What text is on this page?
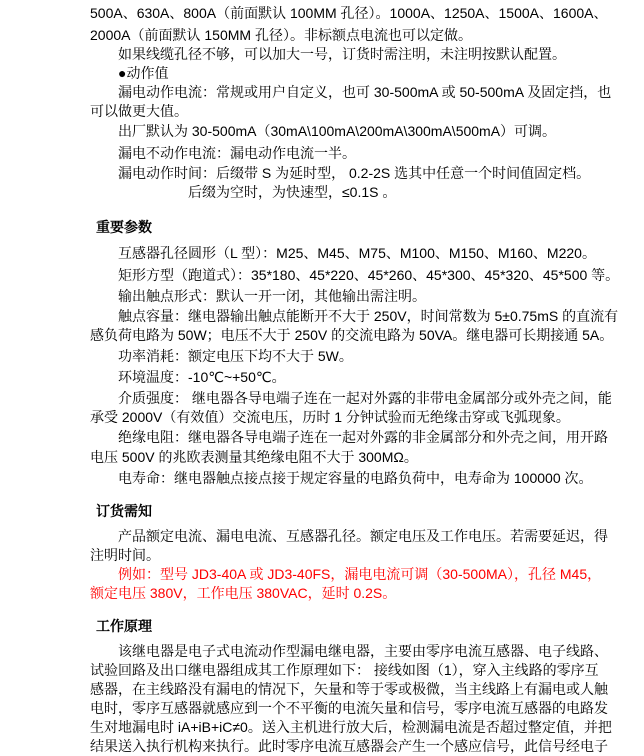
500A、630A、800A（前面默认 100MM 孔径）。1000A、1250A、1500A、1600A、
2000A（前面默认 150MM 孔径）。非标额点电流也可以定做。
如果线缆孔径不够，可以加大一号，订货时需注明，未注明按默认配置。
●动作值
漏电动作电流：常规或用户自定义，也可 30-500mA 或 50-500mA 及固定挡，也
可以做更大值。
出厂默认为 30-500mA（30mA\100mA\200mA\300mA\500mA）可调。
漏电不动作电流：漏电动作电流一半。
漏电动作时间：后缀带 S 为延时型， 0.2-2S 选其中任意一个时间值固定档。
后缀为空时，为快速型，≤0.1S 。
重要参数
互感器孔径圆形（L 型）：M25、M45、M75、M100、M150、M160、M220。
矩形方型（跑道式）：35*180、45*220、45*260、45*300、45*320、45*500 等。
输出触点形式：默认一开一闭，其他输出需注明。
触点容量：继电器输出触点能断开不大于 250V，时间常数为 5±0.75mS 的直流有
感负荷电路为 50W；电压不大于 250V 的交流电路为 50VA。继电器可长期接通 5A。
功率消耗：额定电压下均不大于 5W。
环境温度：-10℃~+50℃。
介质强度： 继电器各导电端子连在一起对外露的非带电金属部分或外壳之间，能
承受 2000V（有效值）交流电压，历时 1 分钟试验而无绝缘击穿或飞弧现象。
绝缘电阻：继电器各导电端子连在一起对外露的非金属部分和外壳之间，用开路
电压 500V 的兆欧表测量其绝缘电阻不大于 300MΩ。
电寿命：继电器触点接点接于规定容量的电路负荷中，电寿命为 100000 次。
订货需知
产品额定电流、漏电电流、互感器孔径。额定电压及工作电压。若需要延迟，得
注明时间。
例如：型号 JD3-40A 或 JD3-40FS，漏电电流可调（30-500MA），孔径 M45，
额定电压 380V，工作电压 380VAC，延时 0.2S。
工作原理
该继电器是电子式电流动作型漏电继电器，主要由零序电流互感器、电子线路、
试验回路及出口继电器组成其工作原理如下： 接线如图（1），穿入主线路的零序互
感器，在主线路没有漏电的情况下，矢量和等于零或极微，当主线路上有漏电或人触
电时，零序互感器就感应到一个不平衡的电流矢量和信号，零序电流互感器的电路发
生对地漏电时 iA+iB+iC≠0。送入主机进行放大后，检测漏电流是否超过整定值，并把
结果送入执行机构来执行。此时零序电流互感器会产生一个感应信号，此信号经电子
